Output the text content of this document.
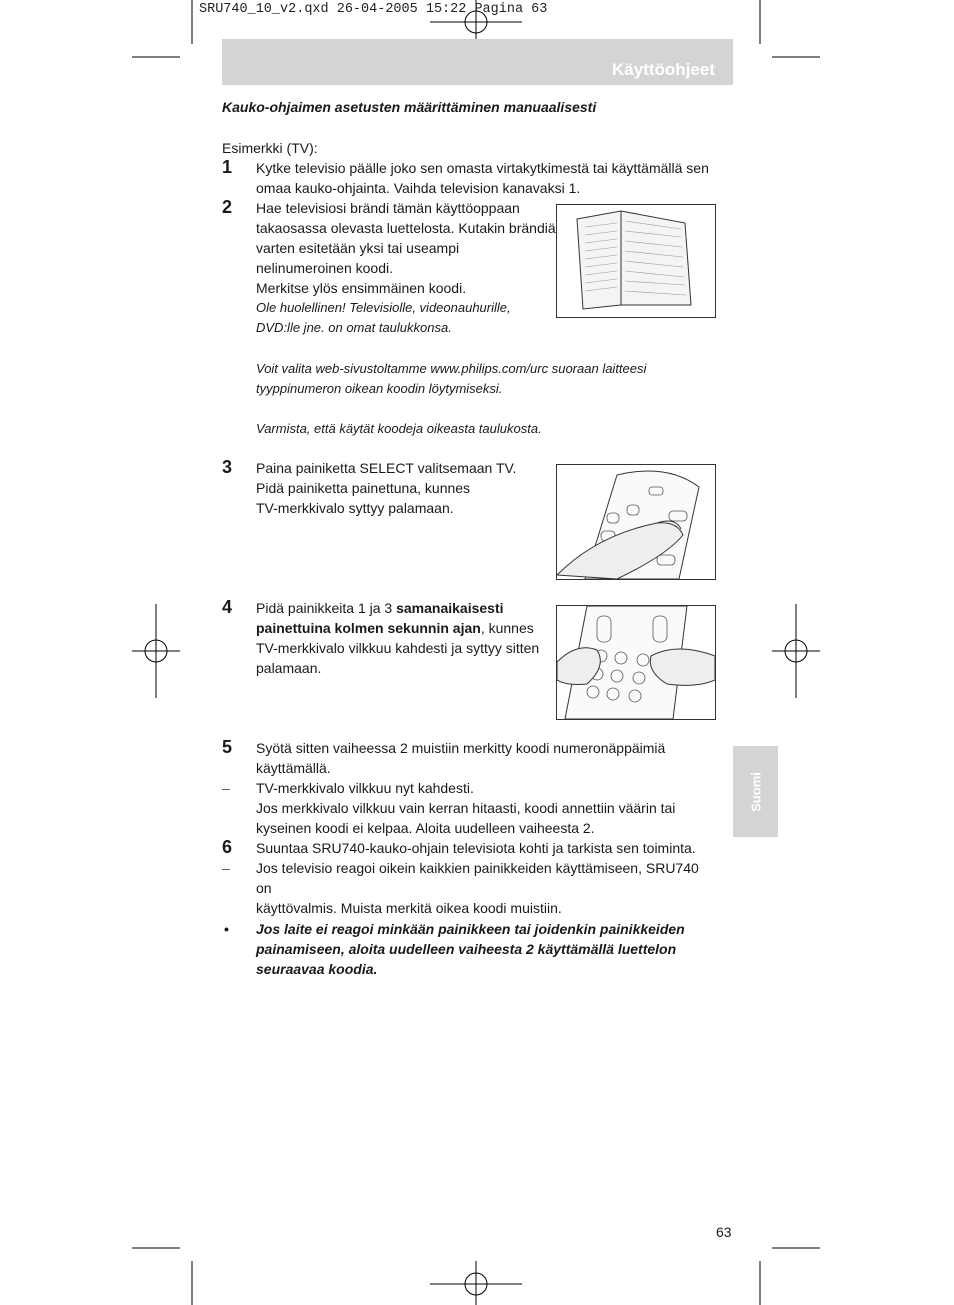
SRU740_10_v2.qxd 26-04-2005 15:22 Pagina 63
Käyttöohjeet
Kauko-ohjaimen asetusten määrittäminen manuaalisesti
Esimerkki (TV):
1 Kytke televisio päälle joko sen omasta virtakytkimestä tai käyttämällä sen
omaa kauko-ohjainta. Vaihda television kanavaksi 1.
2 Hae televisiosi brändi tämän käyttöoppaan
takaosassa olevasta luettelosta. Kutakin brändiä
varten esitetään yksi tai useampi
nelinumeroinen koodi.
Merkitse ylös ensimmäinen koodi.
Ole huolellinen! Televisiolle, videonauhurille,
DVD:lle jne. on omat taulukkonsa.
Voit valita web-sivustoltamme www.philips.com/urc suoraan laitteesi
tyyppinumeron oikean koodin löytymiseksi.
Varmista, että käytät koodeja oikeasta taulukosta.
3 Paina painiketta SELECT valitsemaan TV.
Pidä painiketta painettuna, kunnes
TV-merkkivalo syttyy palamaan.
4 Pidä painikkeita 1 ja 3 samanaikaisesti
painettuina kolmen sekunnin ajan, kunnes
TV-merkkivalo vilkkuu kahdesti ja syttyy sitten
palamaan.
5 Syötä sitten vaiheessa 2 muistiin merkitty koodi numeronäppäimiä
käyttämällä.
– TV-merkkivalo vilkkuu nyt kahdesti.
Jos merkkivalo vilkkuu vain kerran hitaasti, koodi annettiin väärin tai
kyseinen koodi ei kelpaa. Aloita uudelleen vaiheesta 2.
6 Suuntaa SRU740-kauko-ohjain televisiota kohti ja tarkista sen toiminta.
– Jos televisio reagoi oikein kaikkien painikkeiden käyttämiseen, SRU740 on
käyttövalmis. Muista merkitä oikea koodi muistiin.
• Jos laite ei reagoi minkään painikkeen tai joidenkin painikkeiden
painamiseen, aloita uudelleen vaiheesta 2 käyttämällä luettelon
seuraavaa koodia.
Suomi
63
